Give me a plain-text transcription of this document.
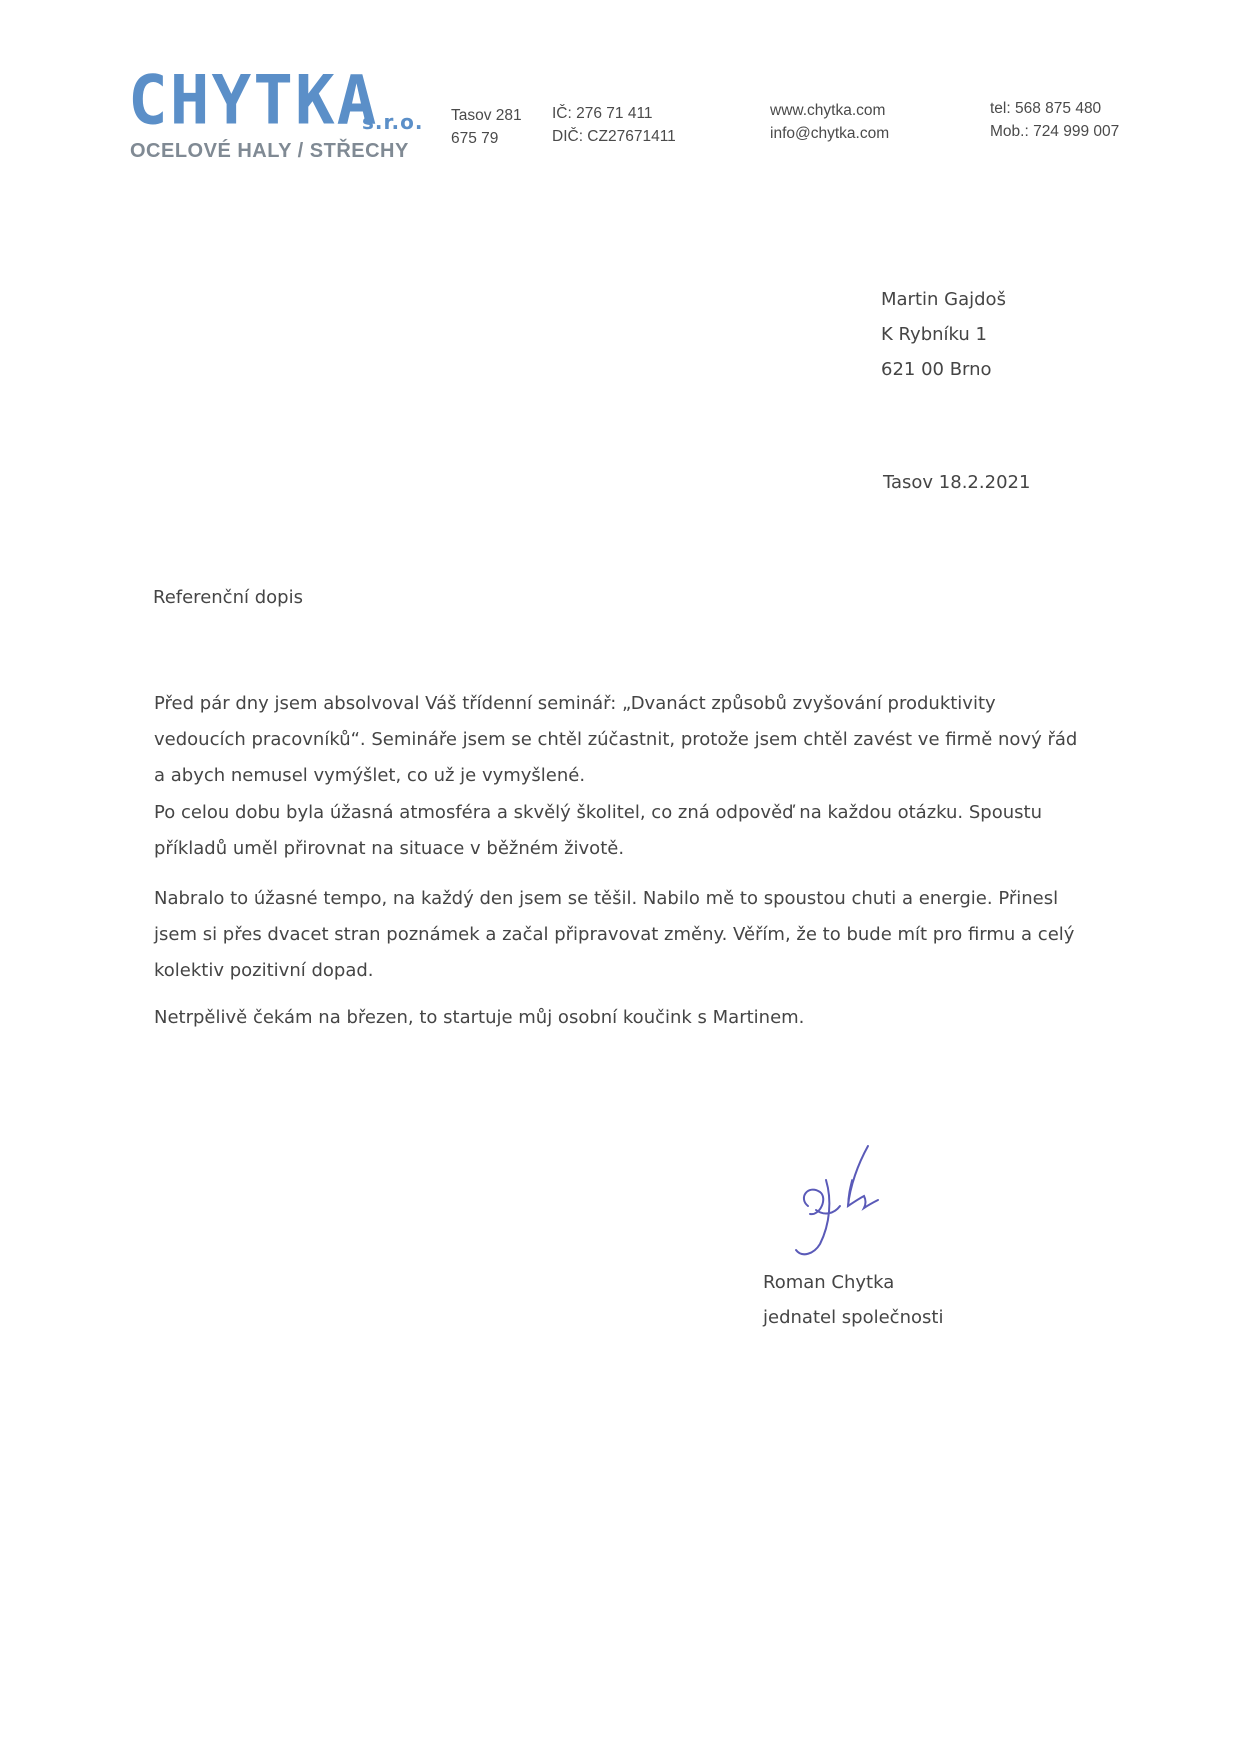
CHYTKA
s.r.o.
OCELOVÉ HALY / STŘECHY
Tasov 281
675 79
IČ: 276 71 411
DIČ: CZ27671411
www.chytka.com
info@chytka.com
tel: 568 875 480
Mob.: 724 999 007
Martin Gajdoš
K Rybníku 1
621 00 Brno
Tasov 18.2.2021
Referenční dopis
Před pár dny jsem absolvoval Váš třídenní seminář: „Dvanáct způsobů zvyšování produktivity
vedoucích pracovníků“. Semináře jsem se chtěl zúčastnit, protože jsem chtěl zavést ve firmě nový řád
a abych nemusel vymýšlet, co už je vymyšlené.
Po celou dobu byla úžasná atmosféra a skvělý školitel, co zná odpověď na každou otázku. Spoustu
příkladů uměl přirovnat na situace v běžném životě.
Nabralo to úžasné tempo, na každý den jsem se těšil. Nabilo mě to spoustou chuti a energie. Přinesl
jsem si přes dvacet stran poznámek a začal připravovat změny. Věřím, že to bude mít pro firmu a celý
kolektiv pozitivní dopad.
Netrpělivě čekám na březen, to startuje můj osobní koučink s Martinem.
Roman Chytka
jednatel společnosti
